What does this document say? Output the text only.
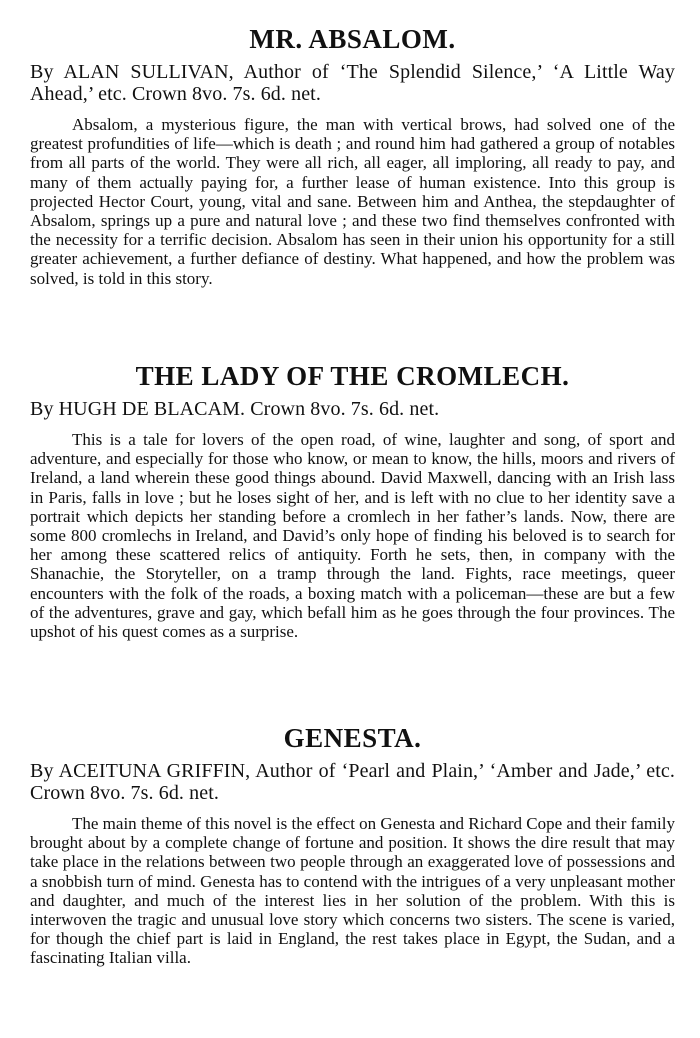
MR. ABSALOM.

By ALAN SULLIVAN, Author of ‘The Splendid Silence,’ ‘A Little Way Ahead,’ etc. Crown 8vo. 7s. 6d. net.

Absalom, a mysterious figure, the man with vertical brows, had solved one of the greatest profundities of life—which is death ; and round him had gathered a group of notables from all parts of the world. They were all rich, all eager, all imploring, all ready to pay, and many of them actually paying for, a further lease of human existence. Into this group is projected Hector Court, young, vital and sane. Between him and Anthea, the stepdaughter of Absalom, springs up a pure and natural love ; and these two find themselves confronted with the necessity for a terrific decision. Absalom has seen in their union his opportunity for a still greater achievement, a further defiance of destiny. What happened, and how the problem was solved, is told in this story.

THE LADY OF THE CROMLECH.

By HUGH DE BLACAM. Crown 8vo. 7s. 6d. net.

This is a tale for lovers of the open road, of wine, laughter and song, of sport and adventure, and especially for those who know, or mean to know, the hills, moors and rivers of Ireland, a land wherein these good things abound. David Maxwell, dancing with an Irish lass in Paris, falls in love ; but he loses sight of her, and is left with no clue to her identity save a portrait which depicts her standing before a cromlech in her father’s lands. Now, there are some 800 cromlechs in Ireland, and David’s only hope of finding his beloved is to search for her among these scattered relics of antiquity. Forth he sets, then, in company with the Shanachie, the Storyteller, on a tramp through the land. Fights, race meetings, queer encounters with the folk of the roads, a boxing match with a policeman—these are but a few of the adventures, grave and gay, which befall him as he goes through the four provinces. The upshot of his quest comes as a surprise.

GENESTA.

By ACEITUNA GRIFFIN, Author of ‘Pearl and Plain,’ ‘Amber and Jade,’ etc. Crown 8vo. 7s. 6d. net.

The main theme of this novel is the effect on Genesta and Richard Cope and their family brought about by a complete change of fortune and position. It shows the dire result that may take place in the relations between two people through an exaggerated love of possessions and a snobbish turn of mind. Genesta has to contend with the intrigues of a very unpleasant mother and daughter, and much of the interest lies in her solution of the problem. With this is interwoven the tragic and unusual love story which concerns two sisters. The scene is varied, for though the chief part is laid in England, the rest takes place in Egypt, the Sudan, and a fascinating Italian villa.
